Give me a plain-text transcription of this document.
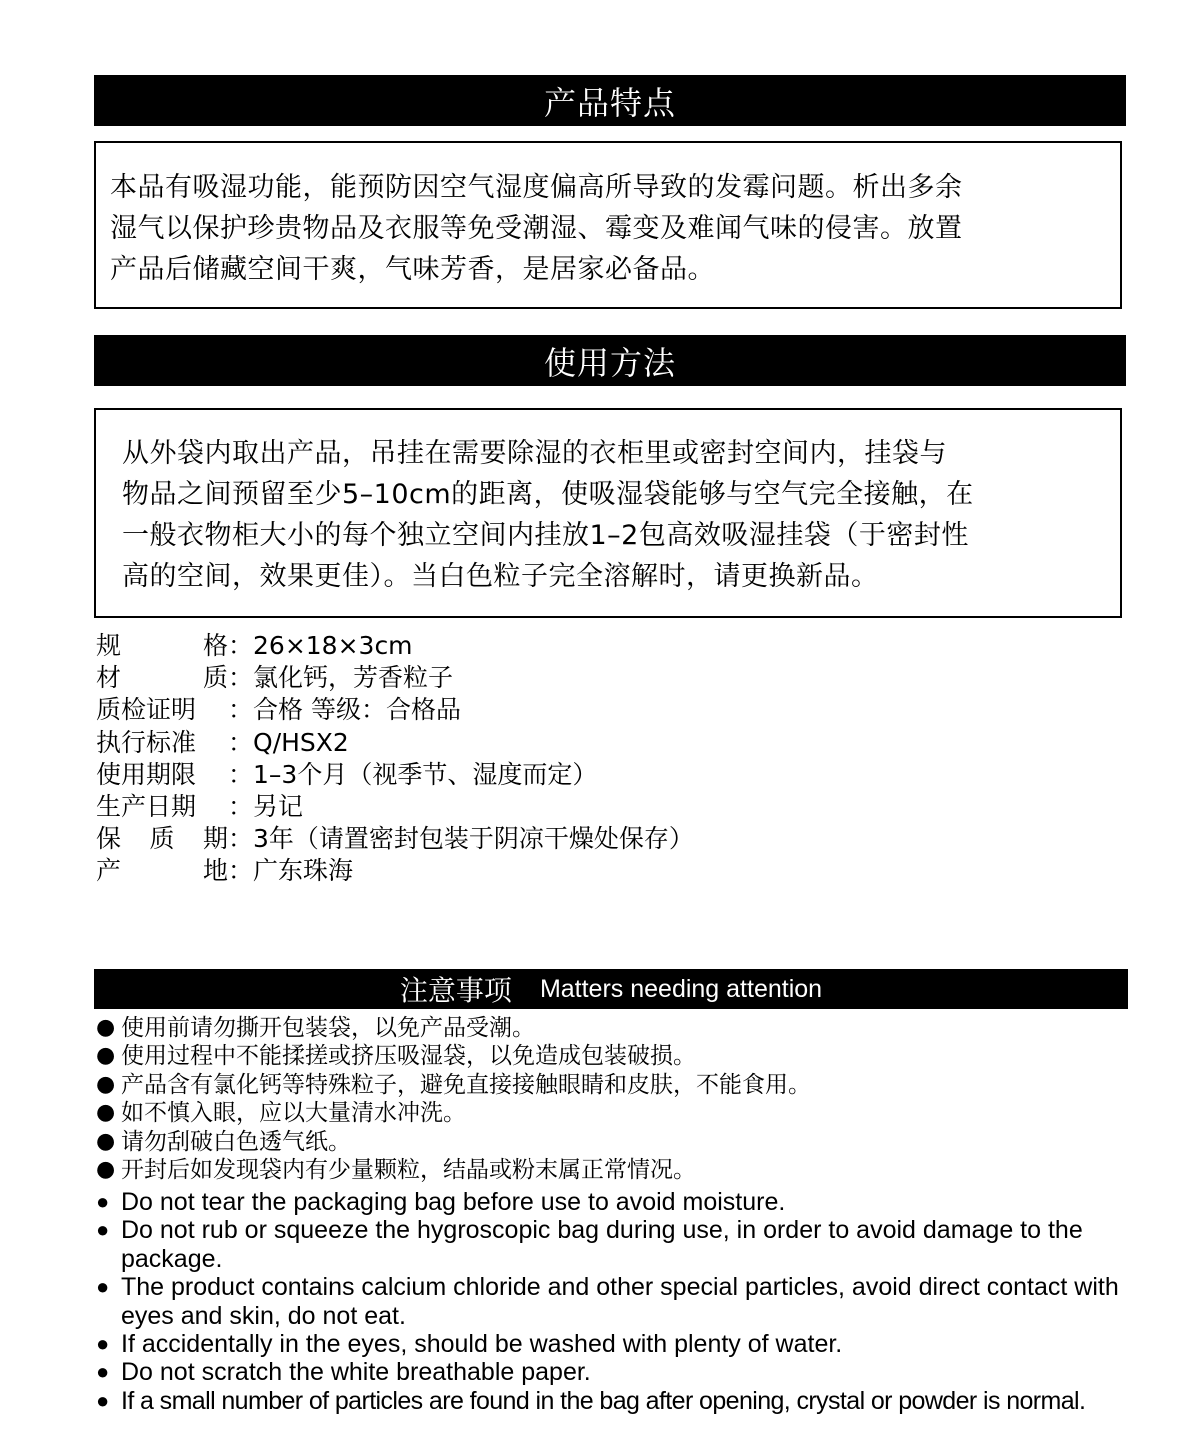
产品特点

本品有吸湿功能，能预防因空气湿度偏高所导致的发霉问题。析出多余

湿气以保护珍贵物品及衣服等免受潮湿、霉变及难闻气味的侵害。放置

产品后储藏空间干爽，气味芳香，是居家必备品。

使用方法

从外袋内取出产品，吊挂在需要除湿的衣柜里或密封空间内，挂袋与

物品之间预留至少5–10cm的距离，使吸湿袋能够与空气完全接触，在

一般衣物柜大小的每个独立空间内挂放1–2包高效吸湿挂袋（于密封性

高的空间，效果更佳）。当白色粒子完全溶解时，请更换新品。

规格 ： 26×18×3cm
材质 ： 氯化钙，芳香粒子
质检证明	： 合格 等级：合格品
执行标准	： Q/HSX2
使用期限	： 1–3个月（视季节、湿度而定）
生产日期	： 另记
保质期 ： 3年（请置密封包装于阴凉干燥处保存）
产地 ： 广东珠海
注意事项 Matters needing attention
● 使用前请勿撕开包装袋，以免产品受潮。
● 使用过程中不能揉搓或挤压吸湿袋，以免造成包装破损。
● 产品含有氯化钙等特殊粒子，避免直接接触眼睛和皮肤，不能食用。
● 如不慎入眼，应以大量清水冲洗。
● 请勿刮破白色透气纸。
● 开封后如发现袋内有少量颗粒，结晶或粉末属正常情况。
● Do not tear the packaging bag before use to avoid moisture.
● Do not rub or squeeze the hygroscopic bag during use, in order to avoid damage to the package.
● The product contains calcium chloride and other special particles, avoid direct contact with eyes and skin, do not eat.
● If accidentally in the eyes, should be washed with plenty of water.
● Do not scratch the white breathable paper.
● If a small number of particles are found in the bag after opening, crystal or powder is normal.
